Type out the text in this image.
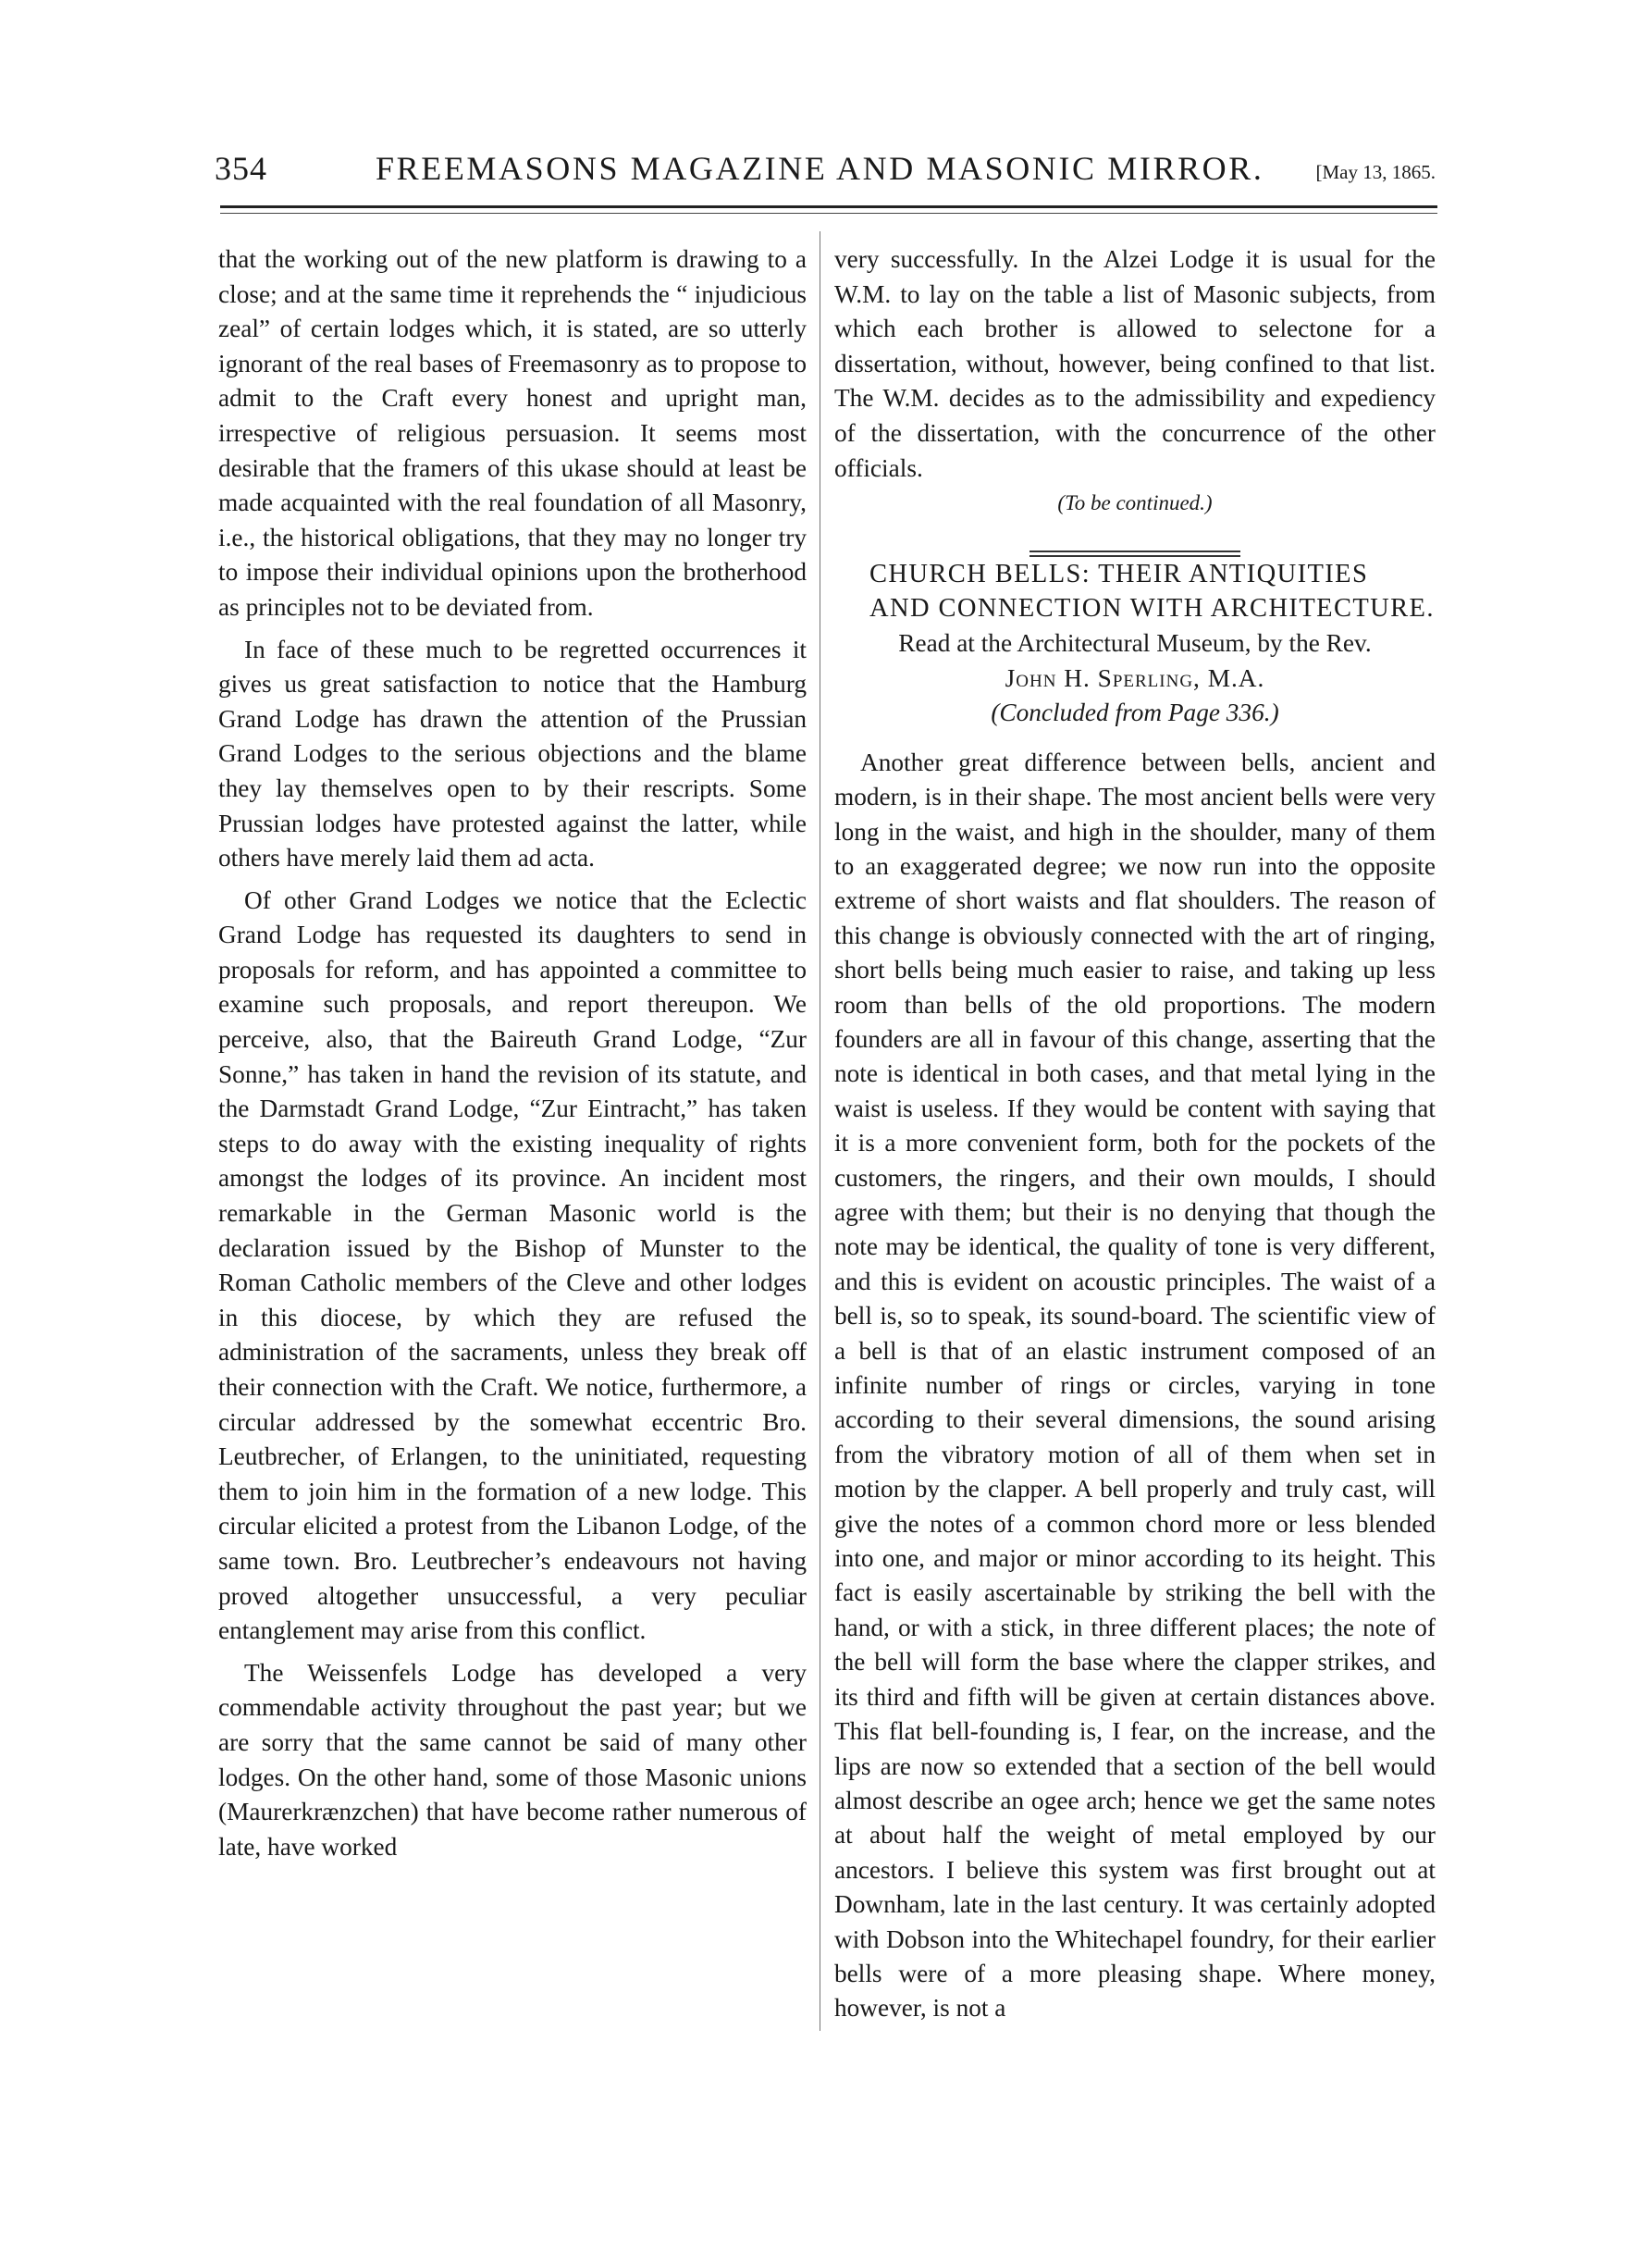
354	FREEMASONS MAGAZINE AND MASONIC MIRROR.	[May 13, 1865.

that the working out of the new platform is drawing to a close; and at the same time it reprehends the “ injudicious zeal” of certain lodges which, it is stated, are so utterly ignorant of the real bases of Freemasonry as to propose to admit to the Craft every honest and upright man, irrespective of religious persuasion. It seems most desirable that the framers of this ukase should at least be made acquainted with the real foundation of all Masonry, i.e., the historical obligations, that they may no longer try to impose their individual opinions upon the brotherhood as principles not to be deviated from.

In face of these much to be regretted occurrences it gives us great satisfaction to notice that the Hamburg Grand Lodge has drawn the attention of the Prussian Grand Lodges to the serious objections and the blame they lay themselves open to by their rescripts. Some Prussian lodges have protested against the latter, while others have merely laid them ad acta.

Of other Grand Lodges we notice that the Eclectic Grand Lodge has requested its daughters to send in proposals for reform, and has appointed a committee to examine such proposals, and report thereupon. We perceive, also, that the Baireuth Grand Lodge, “Zur Sonne,” has taken in hand the revision of its statute, and the Darmstadt Grand Lodge, “Zur Eintracht,” has taken steps to do away with the existing inequality of rights amongst the lodges of its province. An incident most remarkable in the German Masonic world is the declaration issued by the Bishop of Munster to the Roman Catholic members of the Cleve and other lodges in this diocese, by which they are refused the administration of the sacraments, unless they break off their connection with the Craft. We notice, furthermore, a circular addressed by the somewhat eccentric Bro. Leutbrecher, of Erlangen, to the uninitiated, requesting them to join him in the formation of a new lodge. This circular elicited a protest from the Libanon Lodge, of the same town. Bro. Leutbrecher’s endeavours not having proved altogether unsuccessful, a very peculiar entanglement may arise from this conflict.

The Weissenfels Lodge has developed a very commendable activity throughout the past year; but we are sorry that the same cannot be said of many other lodges. On the other hand, some of those Masonic unions (Maurerkrænzchen) that have become rather numerous of late, have worked

very successfully. In the Alzei Lodge it is usual for the W.M. to lay on the table a list of Masonic subjects, from which each brother is allowed to selectone for a dissertation, without, however, being confined to that list. The W.M. decides as to the admissibility and expediency of the dissertation, with the concurrence of the other officials.

(To be continued.)

CHURCH BELLS: THEIR ANTIQUITIES AND CONNECTION WITH ARCHITECTURE.

Read at the Architectural Museum, by the Rev.
John H. Sperling, M.A.

(Concluded from Page 336.)

Another great difference between bells, ancient and modern, is in their shape. The most ancient bells were very long in the waist, and high in the shoulder, many of them to an exaggerated degree; we now run into the opposite extreme of short waists and flat shoulders. The reason of this change is obviously connected with the art of ringing, short bells being much easier to raise, and taking up less room than bells of the old proportions. The modern founders are all in favour of this change, asserting that the note is identical in both cases, and that metal lying in the waist is useless. If they would be content with saying that it is a more convenient form, both for the pockets of the customers, the ringers, and their own moulds, I should agree with them; but their is no denying that though the note may be identical, the quality of tone is very different, and this is evident on acoustic principles. The waist of a bell is, so to speak, its sound-board. The scientific view of a bell is that of an elastic instrument composed of an infinite number of rings or circles, varying in tone according to their several dimensions, the sound arising from the vibratory motion of all of them when set in motion by the clapper. A bell properly and truly cast, will give the notes of a common chord more or less blended into one, and major or minor according to its height. This fact is easily ascertainable by striking the bell with the hand, or with a stick, in three different places; the note of the bell will form the base where the clapper strikes, and its third and fifth will be given at certain distances above. This flat bell-founding is, I fear, on the increase, and the lips are now so extended that a section of the bell would almost describe an ogee arch; hence we get the same notes at about half the weight of metal employed by our ancestors. I believe this system was first brought out at Downham, late in the last century. It was certainly adopted with Dobson into the Whitechapel foundry, for their earlier bells were of a more pleasing shape. Where money, however, is not a
